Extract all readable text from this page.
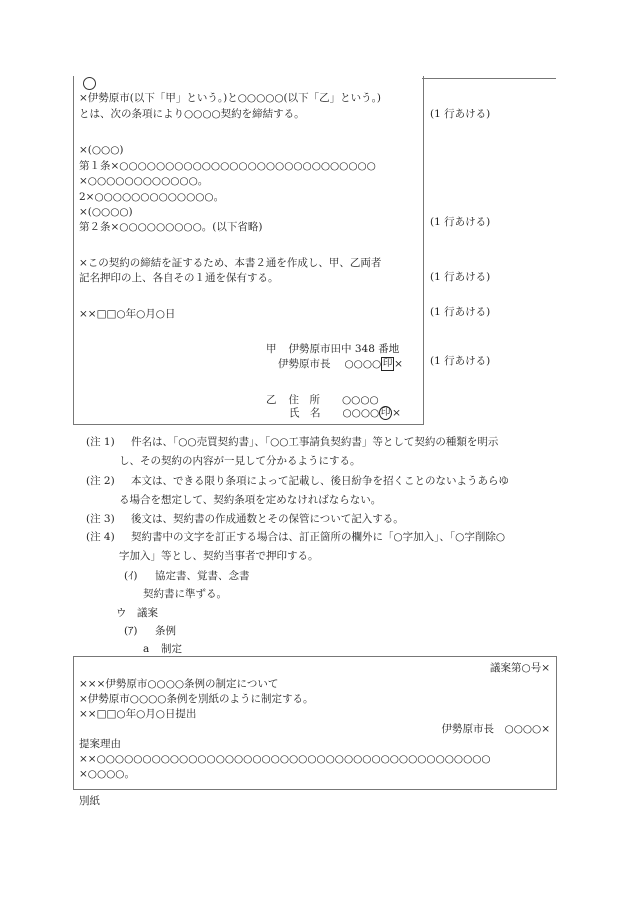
×伊勢原市(以下「甲」という。)と○○○○○(以下「乙」という。)
とは、次の条項により○○○○契約を締結する。
×(○○○)
第１条×○○○○○○○○○○○○○○○○○○○○○○○○○○○○
×○○○○○○○○○○○○。
2×○○○○○○○○○○○○○。
×(○○○○)
第２条×○○○○○○○○○。(以下省略)
×この契約の締結を証するため、本書２通を作成し、甲、乙両者
記名押印の上、各自その１通を保有する。
××□□○年○月○日
甲 伊勢原市田中 348 番地
伊勢原市長 ○○○○ 印 ×
乙 住　所 ○○○○
氏　名 ○○○○ 印 ×
(1 行あける)
(1 行あける)
(1 行あける)
(1 行あける)
(1 行あける)
(注 1) 件名は、「○○売買契約書」、「○○工事請負契約書」等として契約の種類を明示
し、その契約の内容が一見して分かるようにする。
(注 2) 本文は、できる限り条項によって記載し、後日紛争を招くことのないようあらゆ
る場合を想定して、契約条項を定めなければならない。
(注 3) 後文は、契約書の作成通数とその保管について記入する。
(注 4) 契約書中の文字を訂正する場合は、訂正箇所の欄外に「○字加入」、「○字削除○
字加入」等とし、契約当事者で押印する。
(ｲ) 協定書、覚書、念書
契約書に準ずる。
ウ 議案
(ｱ) 条例
a 制定
議案第○号×
×××伊勢原市○○○○条例の制定について
×伊勢原市○○○○条例を別紙のように制定する。
××□□○年○月○日提出
伊勢原市長　○○○○×
提案理由
××○○○○○○○○○○○○○○○○○○○○○○○○○○○○○○○○○○○○○○○○○○○
×○○○○。
別紙
